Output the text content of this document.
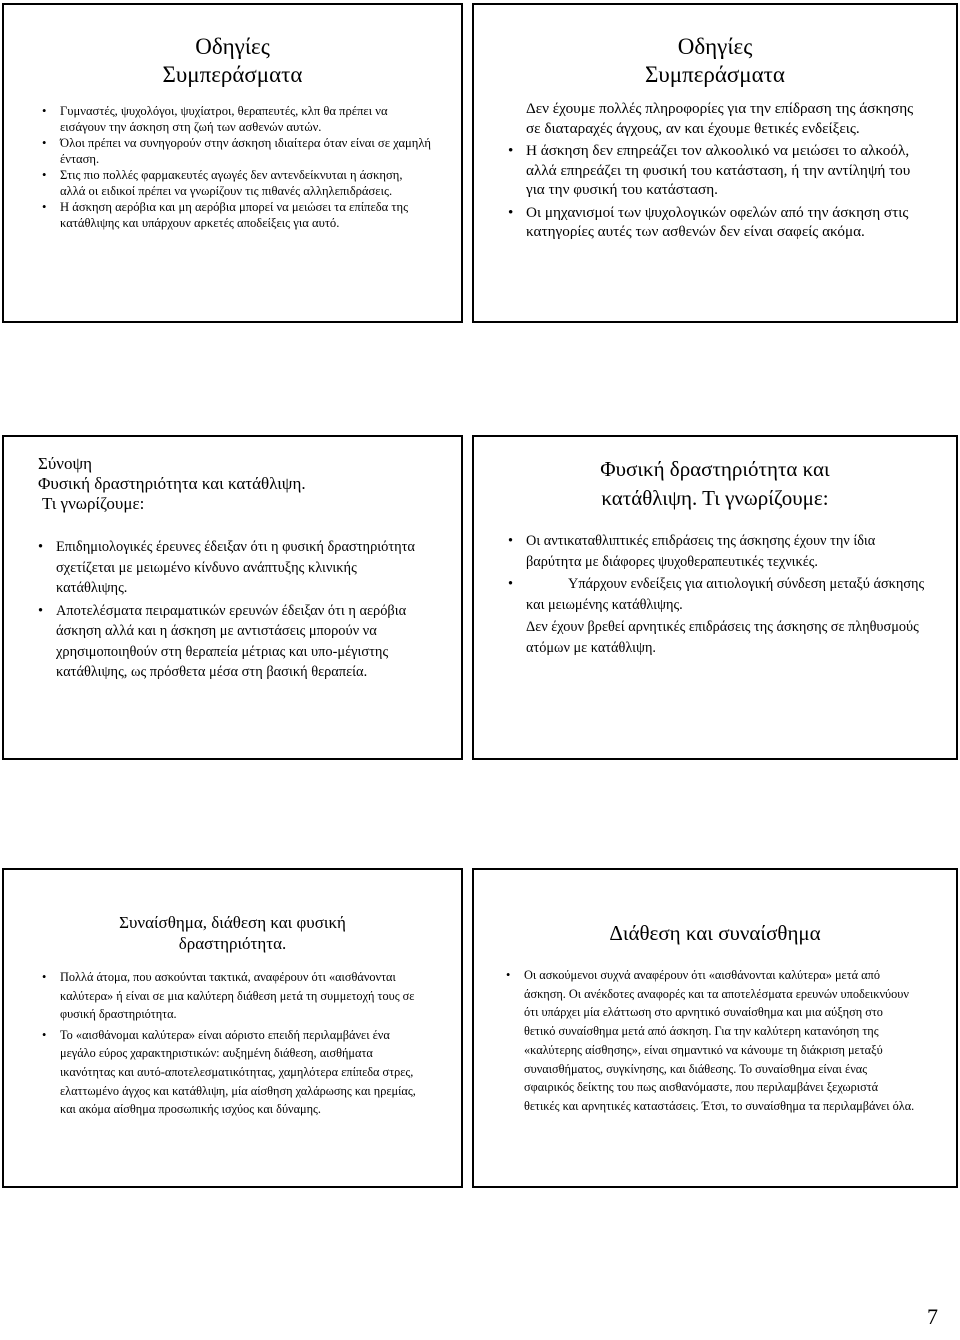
Οδηγίες
Συμπεράσματα
• Γυμναστές, ψυχολόγοι, ψυχίατροι, θεραπευτές, κλπ θα πρέπει να εισάγουν την άσκηση στη ζωή των ασθενών αυτών.
• Όλοι πρέπει να συνηγορούν στην άσκηση ιδιαίτερα όταν είναι σε χαμηλή ένταση.
• Στις πιο πολλές φαρμακευτές αγωγές δεν αντενδείκνυται η άσκηση, αλλά οι ειδικοί πρέπει να γνωρίζουν τις πιθανές αλληλεπιδράσεις.
• Η άσκηση αερόβια και μη αερόβια μπορεί να μειώσει τα επίπεδα της κατάθλιψης και υπάρχουν αρκετές αποδείξεις για αυτό.
Οδηγίες
Συμπεράσματα
Δεν έχουμε πολλές πληροφορίες για την επίδραση της άσκησης σε διαταραχές άγχους, αν και έχουμε θετικές ενδείξεις.
• Η άσκηση δεν επηρεάζει τον αλκοολικό να μειώσει το αλκοόλ, αλλά επηρεάζει τη φυσική του κατάσταση, ή την αντίληψή του για την φυσική του κατάσταση.
• Οι μηχανισμοί των ψυχολογικών οφελών από την άσκηση στις κατηγορίες αυτές των ασθενών δεν είναι σαφείς ακόμα.
Σύνοψη
Φυσική δραστηριότητα και κατάθλιψη.
Τι γνωρίζουμε:
• Επιδημιολογικές έρευνες έδειξαν ότι η φυσική δραστηριότητα σχετίζεται με μειωμένο κίνδυνο ανάπτυξης κλινικής κατάθλιψης.
• Αποτελέσματα πειραματικών ερευνών έδειξαν ότι η αερόβια άσκηση αλλά και η άσκηση με αντιστάσεις μπορούν να χρησιμοποιηθούν στη θεραπεία μέτριας και υπο-μέγιστης κατάθλιψης, ως πρόσθετα μέσα στη βασική θεραπεία.
Φυσική δραστηριότητα και
κατάθλιψη. Τι γνωρίζουμε:
• Οι αντικαταθλιπτικές επιδράσεις της άσκησης έχουν την ίδια βαρύτητα με διάφορες ψυχοθεραπευτικές τεχνικές.
• Υπάρχουν ενδείξεις για αιτιολογική σύνδεση μεταξύ άσκησης και μειωμένης κατάθλιψης.
Δεν έχουν βρεθεί αρνητικές επιδράσεις της άσκησης σε πληθυσμούς ατόμων με κατάθλιψη.
Συναίσθημα, διάθεση και φυσική
δραστηριότητα.
• Πολλά άτομα, που ασκούνται τακτικά, αναφέρουν ότι «αισθάνονται καλύτερα» ή είναι σε μια καλύτερη διάθεση μετά τη συμμετοχή τους σε φυσική δραστηριότητα.
• Το «αισθάνομαι καλύτερα» είναι αόριστο επειδή περιλαμβάνει ένα μεγάλο εύρος χαρακτηριστικών: αυξημένη διάθεση, αισθήματα ικανότητας και αυτό-αποτελεσματικότητας, χαμηλότερα επίπεδα στρες, ελαττωμένο άγχος και κατάθλιψη, μία αίσθηση χαλάρωσης και ηρεμίας, και ακόμα αίσθημα προσωπικής ισχύος και δύναμης.
Διάθεση και συναίσθημα
• Οι ασκούμενοι συχνά αναφέρουν ότι «αισθάνονται καλύτερα» μετά από άσκηση. Οι ανέκδοτες αναφορές και τα αποτελέσματα ερευνών υποδεικνύουν ότι υπάρχει μία ελάττωση στο αρνητικό συναίσθημα και μια αύξηση στο θετικό συναίσθημα μετά από άσκηση. Για την καλύτερη κατανόηση της «καλύτερης αίσθησης», είναι σημαντικό να κάνουμε τη διάκριση μεταξύ συναισθήματος, συγκίνησης, και διάθεσης. Το συναίσθημα είναι ένας σφαιρικός δείκτης του πως αισθανόμαστε, που περιλαμβάνει ξεχωριστά θετικές και αρνητικές καταστάσεις. Έτσι, το συναίσθημα τα περιλαμβάνει όλα.
7
